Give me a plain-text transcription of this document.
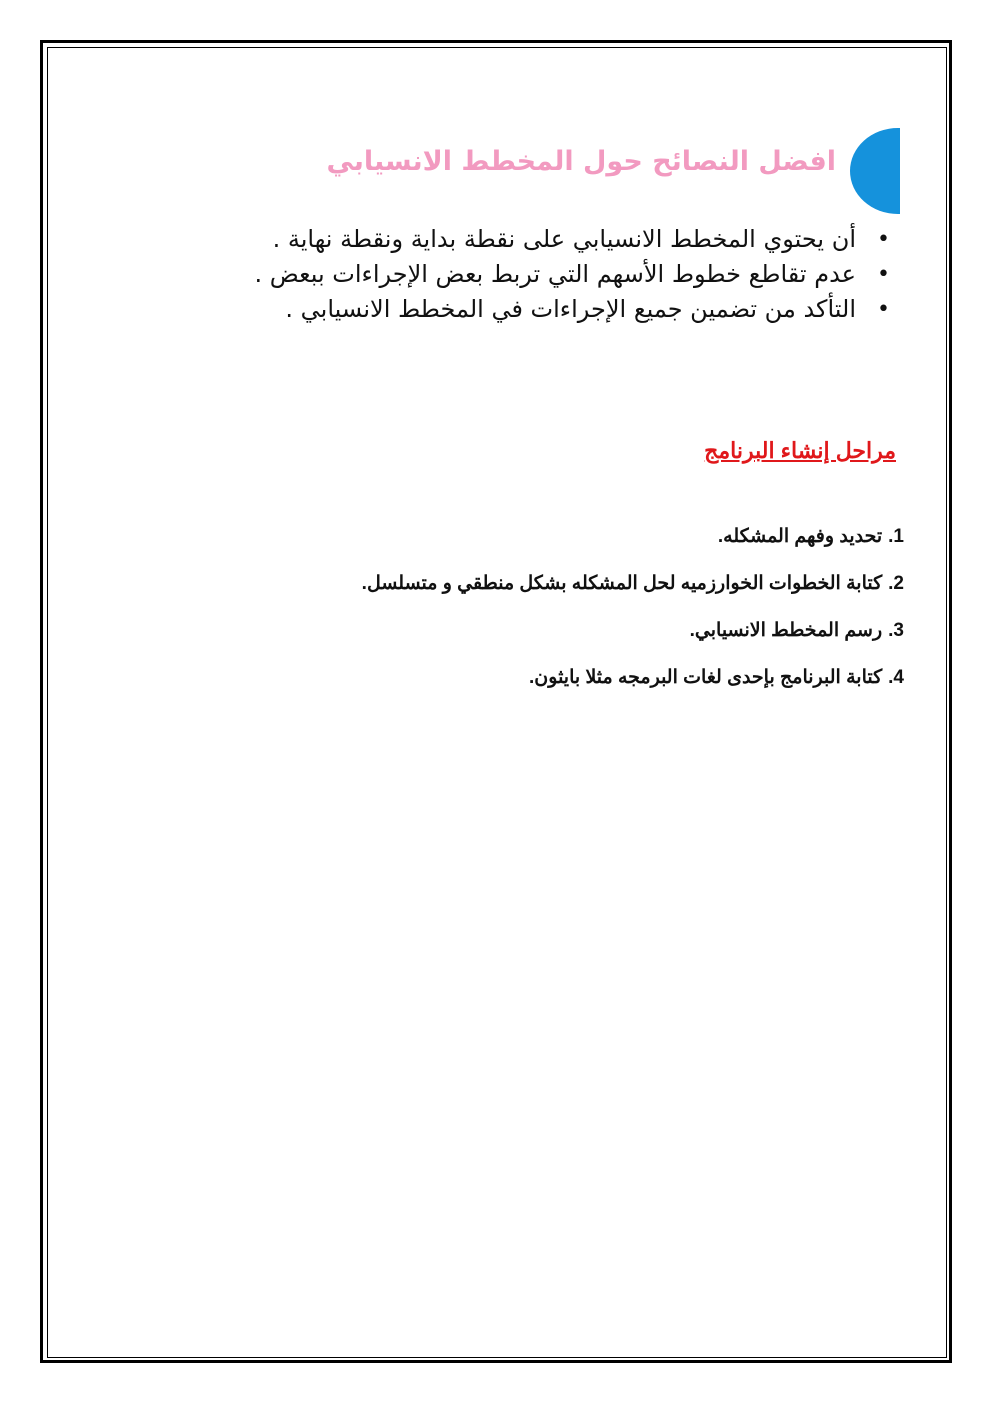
افضل النصائح حول المخطط الانسيابي
•
أن يحتوي المخطط الانسيابي على نقطة بداية ونقطة نهاية .
•
عدم تقاطع خطوط الأسهم التي تربط بعض الإجراءات ببعض .
•
التأكد من تضمين جميع الإجراءات في المخطط الانسيابي .
مراحل إنشاء البرنامج
1.تحديد وفهم المشكله.
2.كتابة الخطوات الخوارزميه لحل المشكله بشكل منطقي و متسلسل.
3.رسم المخطط الانسيابي.
4.كتابة البرنامج بإحدى لغات البرمجه مثلا بايثون.
